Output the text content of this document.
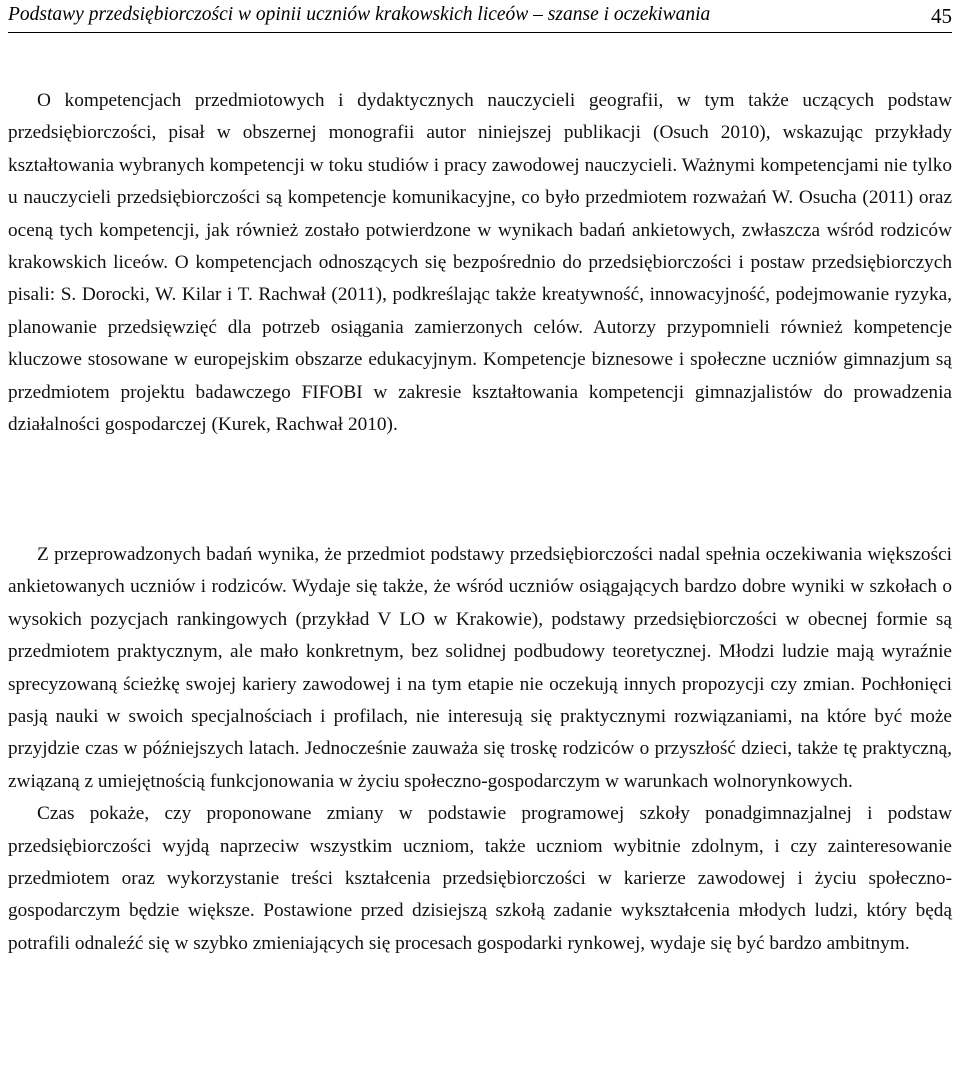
Podstawy przedsiębiorczości w opinii uczniów krakowskich liceów – szanse i oczekiwania	45

O kompetencjach przedmiotowych i dydaktycznych nauczycieli geografii, w tym także uczących podstaw przedsiębiorczości, pisał w obszernej monografii autor niniejszej publikacji (Osuch 2010), wskazując przykłady kształtowania wybranych kompetencji w toku studiów i pracy zawodowej nauczycieli. Ważnymi kompetencjami nie tylko u nauczycieli przedsiębiorczości są kompetencje komunikacyjne, co było przedmiotem rozważań W. Osucha (2011) oraz oceną tych kompetencji, jak również zostało potwierdzone w wynikach badań ankietowych, zwłaszcza wśród rodziców krakowskich liceów. O kompetencjach odnoszących się bezpośrednio do przedsiębiorczości i postaw przedsiębiorczych pisali: S. Dorocki, W. Kilar i T. Rachwał (2011), podkreślając także kreatywność, innowacyjność, podejmowanie ryzyka, planowanie przedsięwzięć dla potrzeb osiągania zamierzonych celów. Autorzy przypomnieli również kompetencje kluczowe stosowane w europejskim obszarze edukacyjnym. Kompetencje biznesowe i społeczne uczniów gimnazjum są przedmiotem projektu badawczego FIFOBI w zakresie kształtowania kompetencji gimnazjalistów do prowadzenia działalności gospodarczej (Kurek, Rachwał 2010).

Z przeprowadzonych badań wynika, że przedmiot podstawy przedsiębiorczości nadal spełnia oczekiwania większości ankietowanych uczniów i rodziców. Wydaje się także, że wśród uczniów osiągających bardzo dobre wyniki w szkołach o wysokich pozycjach rankingowych (przykład V LO w Krakowie), podstawy przedsiębiorczości w obecnej formie są przedmiotem praktycznym, ale mało konkretnym, bez solidnej podbudowy teoretycznej. Młodzi ludzie mają wyraźnie sprecyzowaną ścieżkę swojej kariery zawodowej i na tym etapie nie oczekują innych propozycji czy zmian. Pochłonięci pasją nauki w swoich specjalnościach i profilach, nie interesują się praktycznymi rozwiązaniami, na które być może przyjdzie czas w późniejszych latach. Jednocześnie zauważa się troskę rodziców o przyszłość dzieci, także tę praktyczną, związaną z umiejętnością funkcjonowania w życiu społeczno-gospodarczym w warunkach wolnorynkowych.

Czas pokaże, czy proponowane zmiany w podstawie programowej szkoły ponadgimnazjalnej i podstaw przedsiębiorczości wyjdą naprzeciw wszystkim uczniom, także uczniom wybitnie zdolnym, i czy zainteresowanie przedmiotem oraz wykorzystanie treści kształcenia przedsiębiorczości w karierze zawodowej i życiu społeczno-gospodarczym będzie większe. Postawione przed dzisiejszą szkołą zadanie wykształcenia młodych ludzi, który będą potrafili odnaleźć się w szybko zmieniających się procesach gospodarki rynkowej, wydaje się być bardzo ambitnym.
